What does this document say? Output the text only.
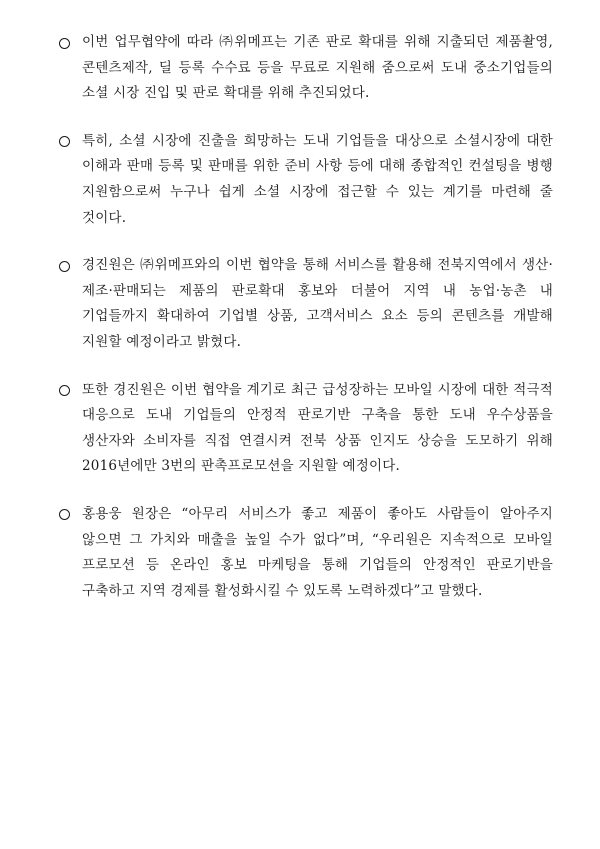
이번 업무협약에 따라 ㈜위메프는 기존 판로 확대를 위해 지출되던 제품촬영, 콘텐츠제작, 딜 등록 수수료 등을 무료로 지원해 줌으로써 도내 중소기업들의 소셜 시장 진입 및 판로 확대를 위해 추진되었다.
특히, 소셜 시장에 진출을 희망하는 도내 기업들을 대상으로 소셜시장에 대한 이해과 판매 등록 및 판매를 위한 준비 사항 등에 대해 종합적인 컨설팅을 병행 지원함으로써 누구나 쉽게 소셜 시장에 접근할 수 있는 계기를 마련해 줄 것이다.
경진원은 ㈜위메프와의 이번 협약을 통해 서비스를 활용해 전북지역에서 생산·제조·판매되는 제품의 판로확대 홍보와 더불어 지역 내 농업·농촌 내 기업들까지 확대하여 기업별 상품, 고객서비스 요소 등의 콘텐츠를 개발해 지원할 예정이라고 밝혔다.
또한 경진원은 이번 협약을 계기로 최근 급성장하는 모바일 시장에 대한 적극적 대응으로 도내 기업들의 안정적 판로기반 구축을 통한 도내 우수상품을 생산자와 소비자를 직접 연결시켜 전북 상품 인지도 상승을 도모하기 위해 2016년에만 3번의 판촉프로모션을 지원할 예정이다.
홍용웅 원장은 “아무리 서비스가 좋고 제품이 좋아도 사람들이 알아주지 않으면 그 가치와 매출을 높일 수가 없다”며, “우리원은 지속적으로 모바일 프로모션 등 온라인 홍보 마케팅을 통해 기업들의 안정적인 판로기반을 구축하고 지역 경제를 활성화시킬 수 있도록 노력하겠다”고 말했다.
